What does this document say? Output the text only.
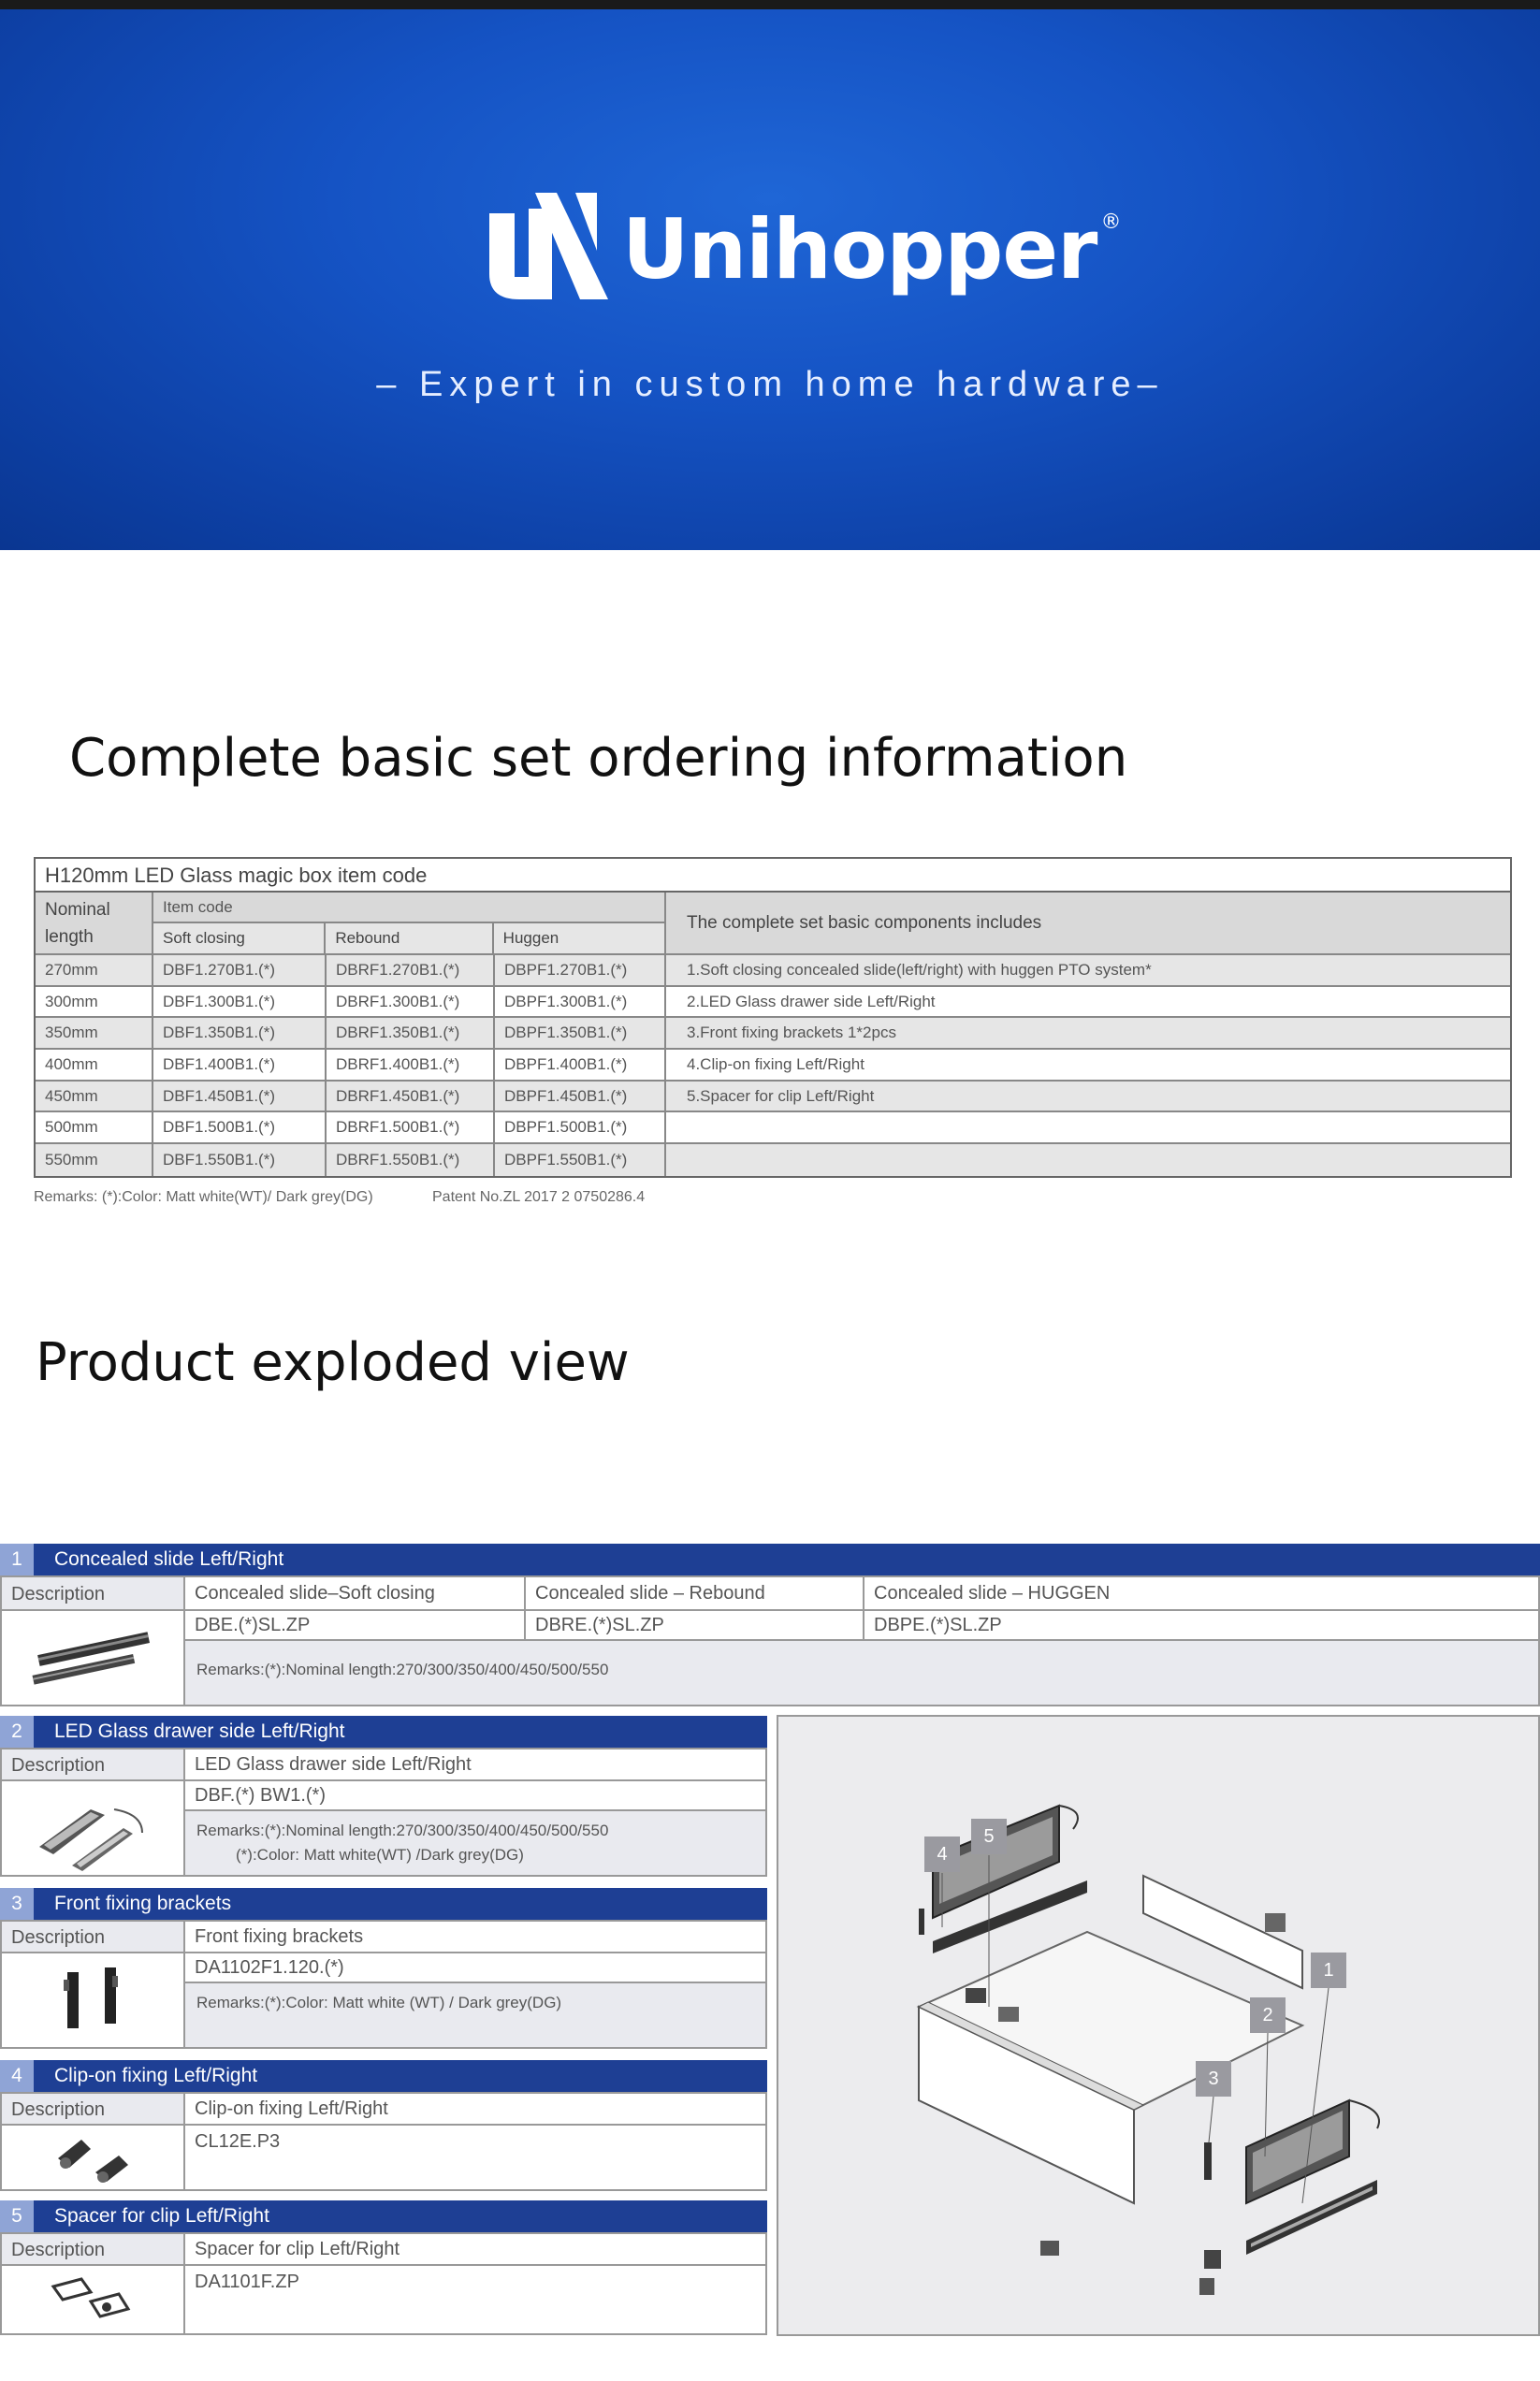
Unihopper ®
– Expert in custom home hardware–
Complete basic set ordering information
H120mm LED Glass magic box item code
Nominal length
Item code
Soft closing	Rebound	Huggen
The complete set basic components includes
270mm	DBF1.270B1.(*)	DBRF1.270B1.(*)	DBPF1.270B1.(*)	1.Soft closing concealed slide(left/right) with huggen PTO system*
300mm	DBF1.300B1.(*)	DBRF1.300B1.(*)	DBPF1.300B1.(*)	2.LED Glass drawer side Left/Right
350mm	DBF1.350B1.(*)	DBRF1.350B1.(*)	DBPF1.350B1.(*)	3.Front fixing brackets 1*2pcs
400mm	DBF1.400B1.(*)	DBRF1.400B1.(*)	DBPF1.400B1.(*)	4.Clip-on fixing Left/Right
450mm	DBF1.450B1.(*)	DBRF1.450B1.(*)	DBPF1.450B1.(*)	5.Spacer for clip Left/Right
500mm	DBF1.500B1.(*)	DBRF1.500B1.(*)	DBPF1.500B1.(*)
550mm	DBF1.550B1.(*)	DBRF1.550B1.(*)	DBPF1.550B1.(*)
Remarks: (*):Color: Matt white(WT)/ Dark grey(DG)	Patent No.ZL 2017 2 0750286.4
Product exploded view
1 Concealed slide Left/Right
Description	Concealed slide–Soft closing	Concealed slide – Rebound	Concealed slide – HUGGEN
DBE.(*)SL.ZP	DBRE.(*)SL.ZP	DBPE.(*)SL.ZP
Remarks:(*):Nominal length:270/300/350/400/450/500/550
2 LED Glass drawer side Left/Right
Description	LED Glass drawer side Left/Right
DBF.(*) BW1.(*)
Remarks:(*):Nominal length:270/300/350/400/450/500/550
(*):Color: Matt white(WT) /Dark grey(DG)
3 Front fixing brackets
Description	Front fixing brackets
DA1102F1.120.(*)
Remarks:(*):Color: Matt white (WT) / Dark grey(DG)
4 Clip-on fixing Left/Right
Description	Clip-on fixing Left/Right
CL12E.P3
5 Spacer for clip Left/Right
Description	Spacer for clip Left/Right
DA1101F.ZP
4
5
1
2
3
